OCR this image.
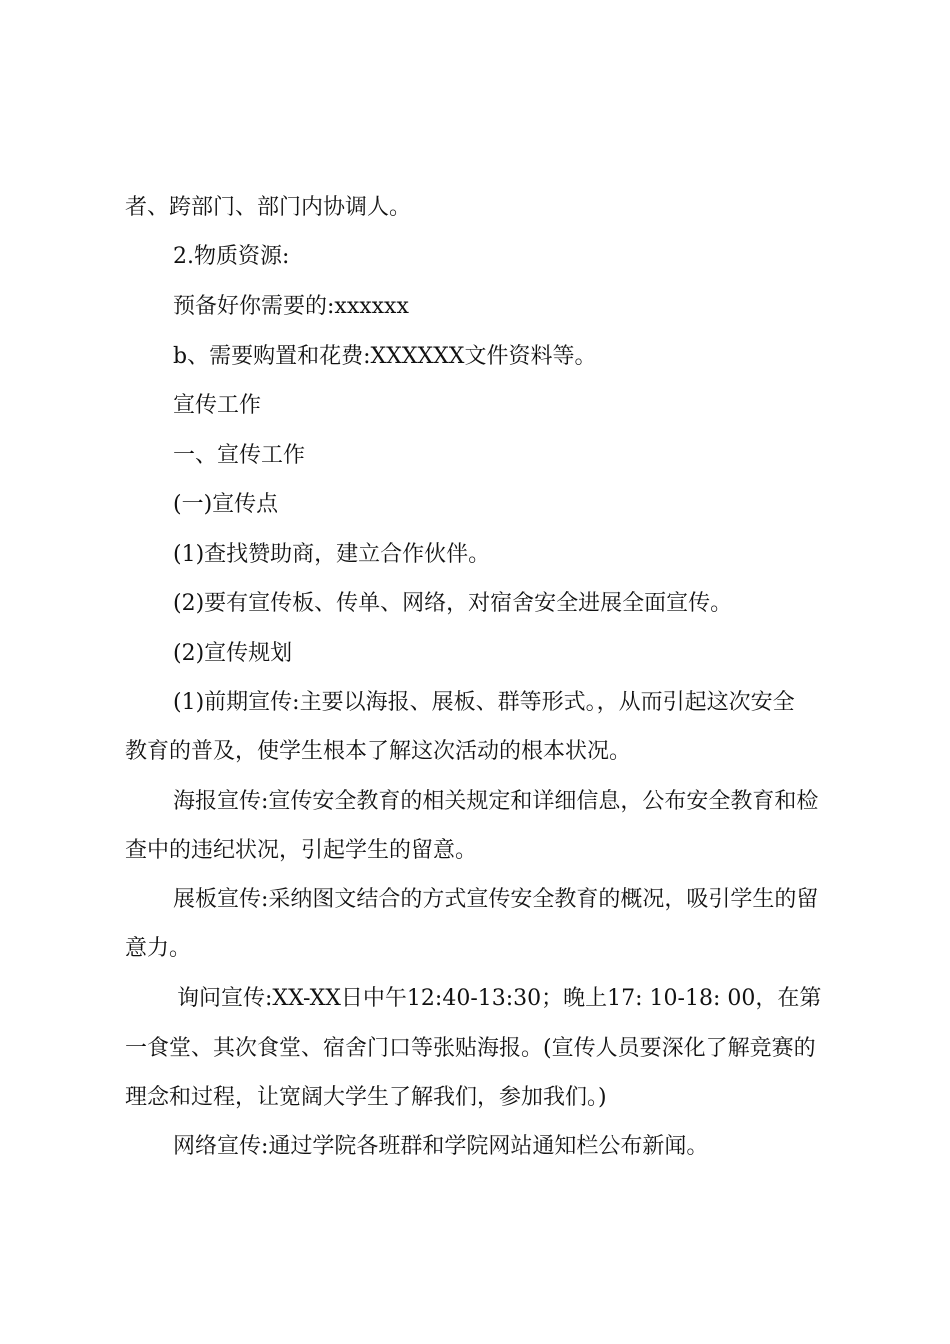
者、跨部门、部门内协调人。
2.物质资源:
预备好你需要的:xxxxxx
b、需要购置和花费:XXXXXX文件资料等。
宣传工作
一、宣传工作
(一)宣传点
(1)查找赞助商，建立合作伙伴。
(2)要有宣传板、传单、网络，对宿舍安全进展全面宣传。
(2)宣传规划
(1)前期宣传:主要以海报、展板、群等形式。，从而引起这次安全
教育的普及，使学生根本了解这次活动的根本状况。
海报宣传:宣传安全教育的相关规定和详细信息，公布安全教育和检
查中的违纪状况，引起学生的留意。
展板宣传:采纳图文结合的方式宣传安全教育的概况，吸引学生的留
意力。
询问宣传:XX-XX日中午12:40-13:30；晚上17: 10-18: 00，在第
一食堂、其次食堂、宿舍门口等张贴海报。(宣传人员要深化了解竞赛的
理念和过程，让宽阔大学生了解我们，参加我们。)
网络宣传:通过学院各班群和学院网站通知栏公布新闻。
